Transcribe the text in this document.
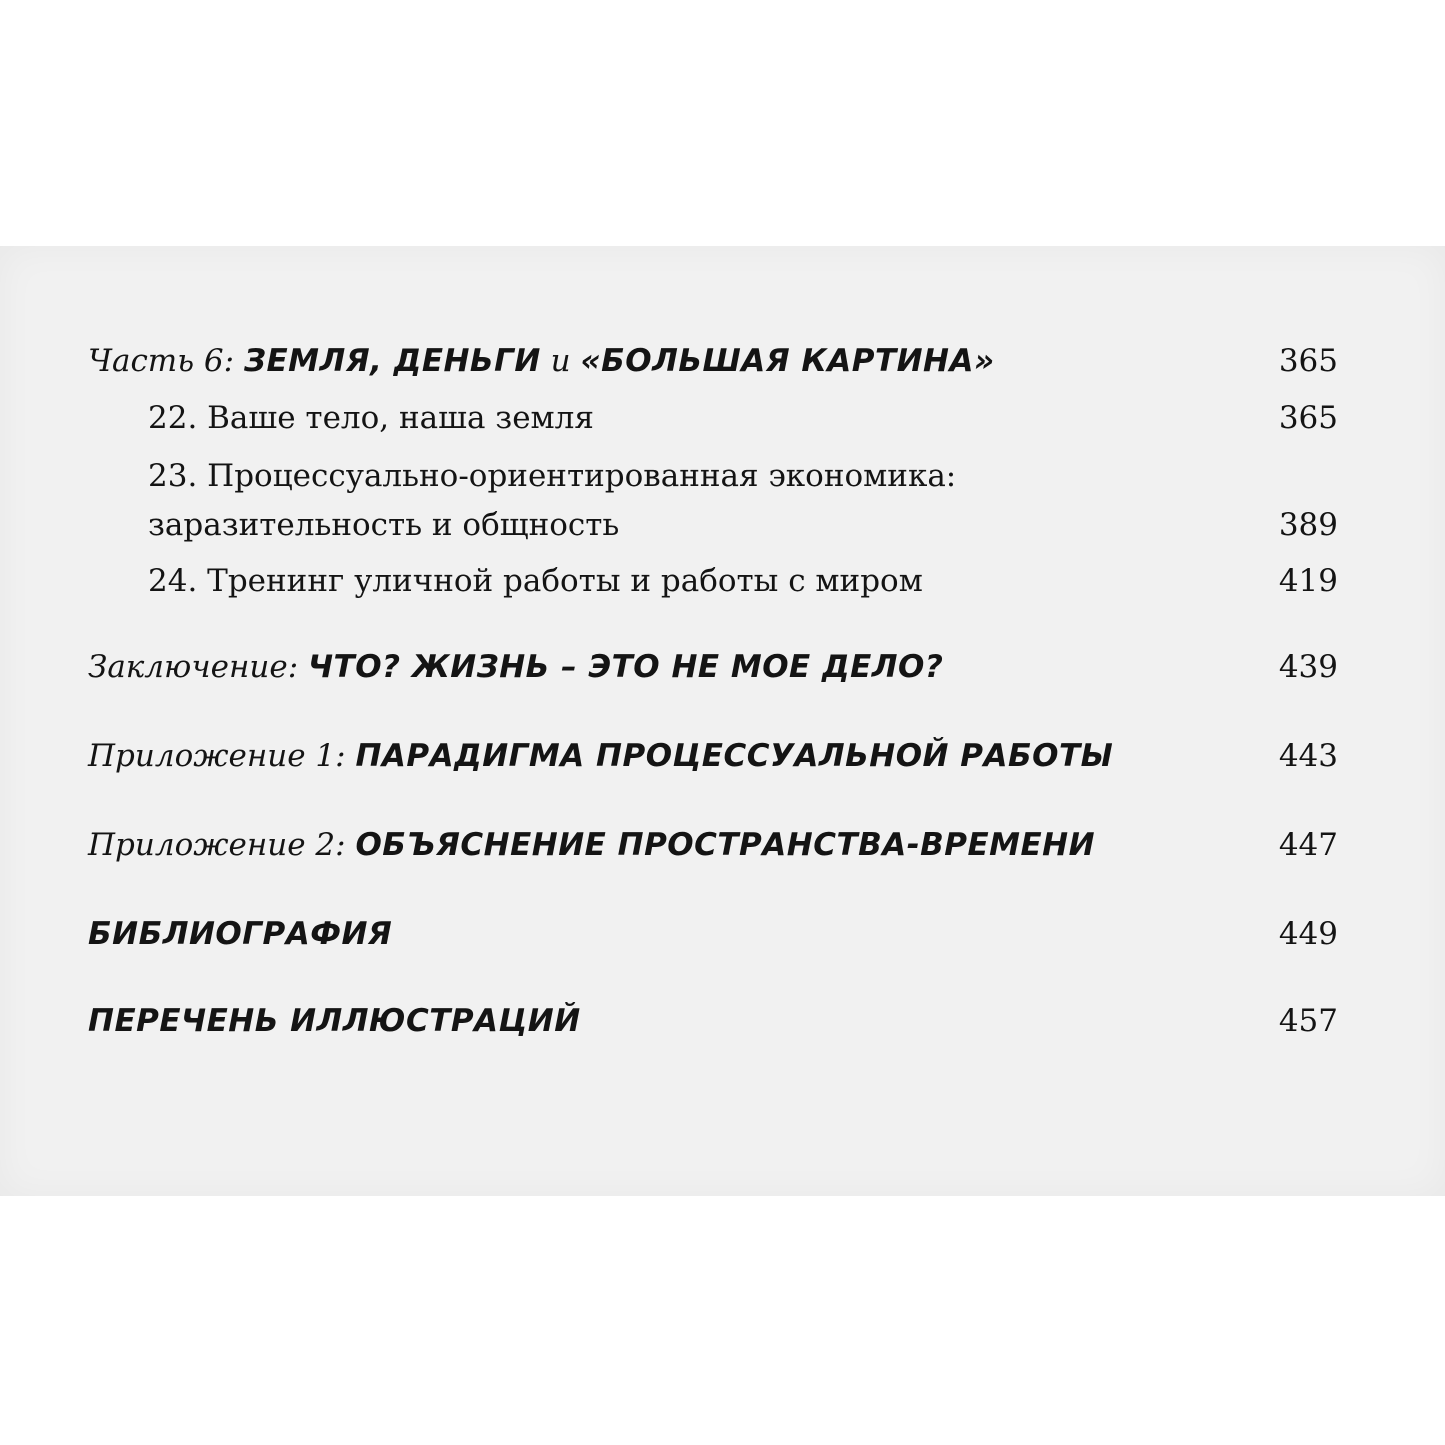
Часть 6: ЗЕМЛЯ, ДЕНЬГИ и «БОЛЬШАЯ КАРТИНА»	365
22. Ваше тело, наша земля	365
23. Процессуально-ориентированная экономика:
заразительность и общность	389
24. Тренинг уличной работы и работы с миром	419
Заключение: ЧТО? ЖИЗНЬ – ЭТО НЕ МОЕ ДЕЛО?	439
Приложение 1: ПАРАДИГМА ПРОЦЕССУАЛЬНОЙ РАБОТЫ	443
Приложение 2: ОБЪЯСНЕНИЕ ПРОСТРАНСТВА-ВРЕМЕНИ	447
БИБЛИОГРАФИЯ	449
ПЕРЕЧЕНЬ ИЛЛЮСТРАЦИЙ	457
